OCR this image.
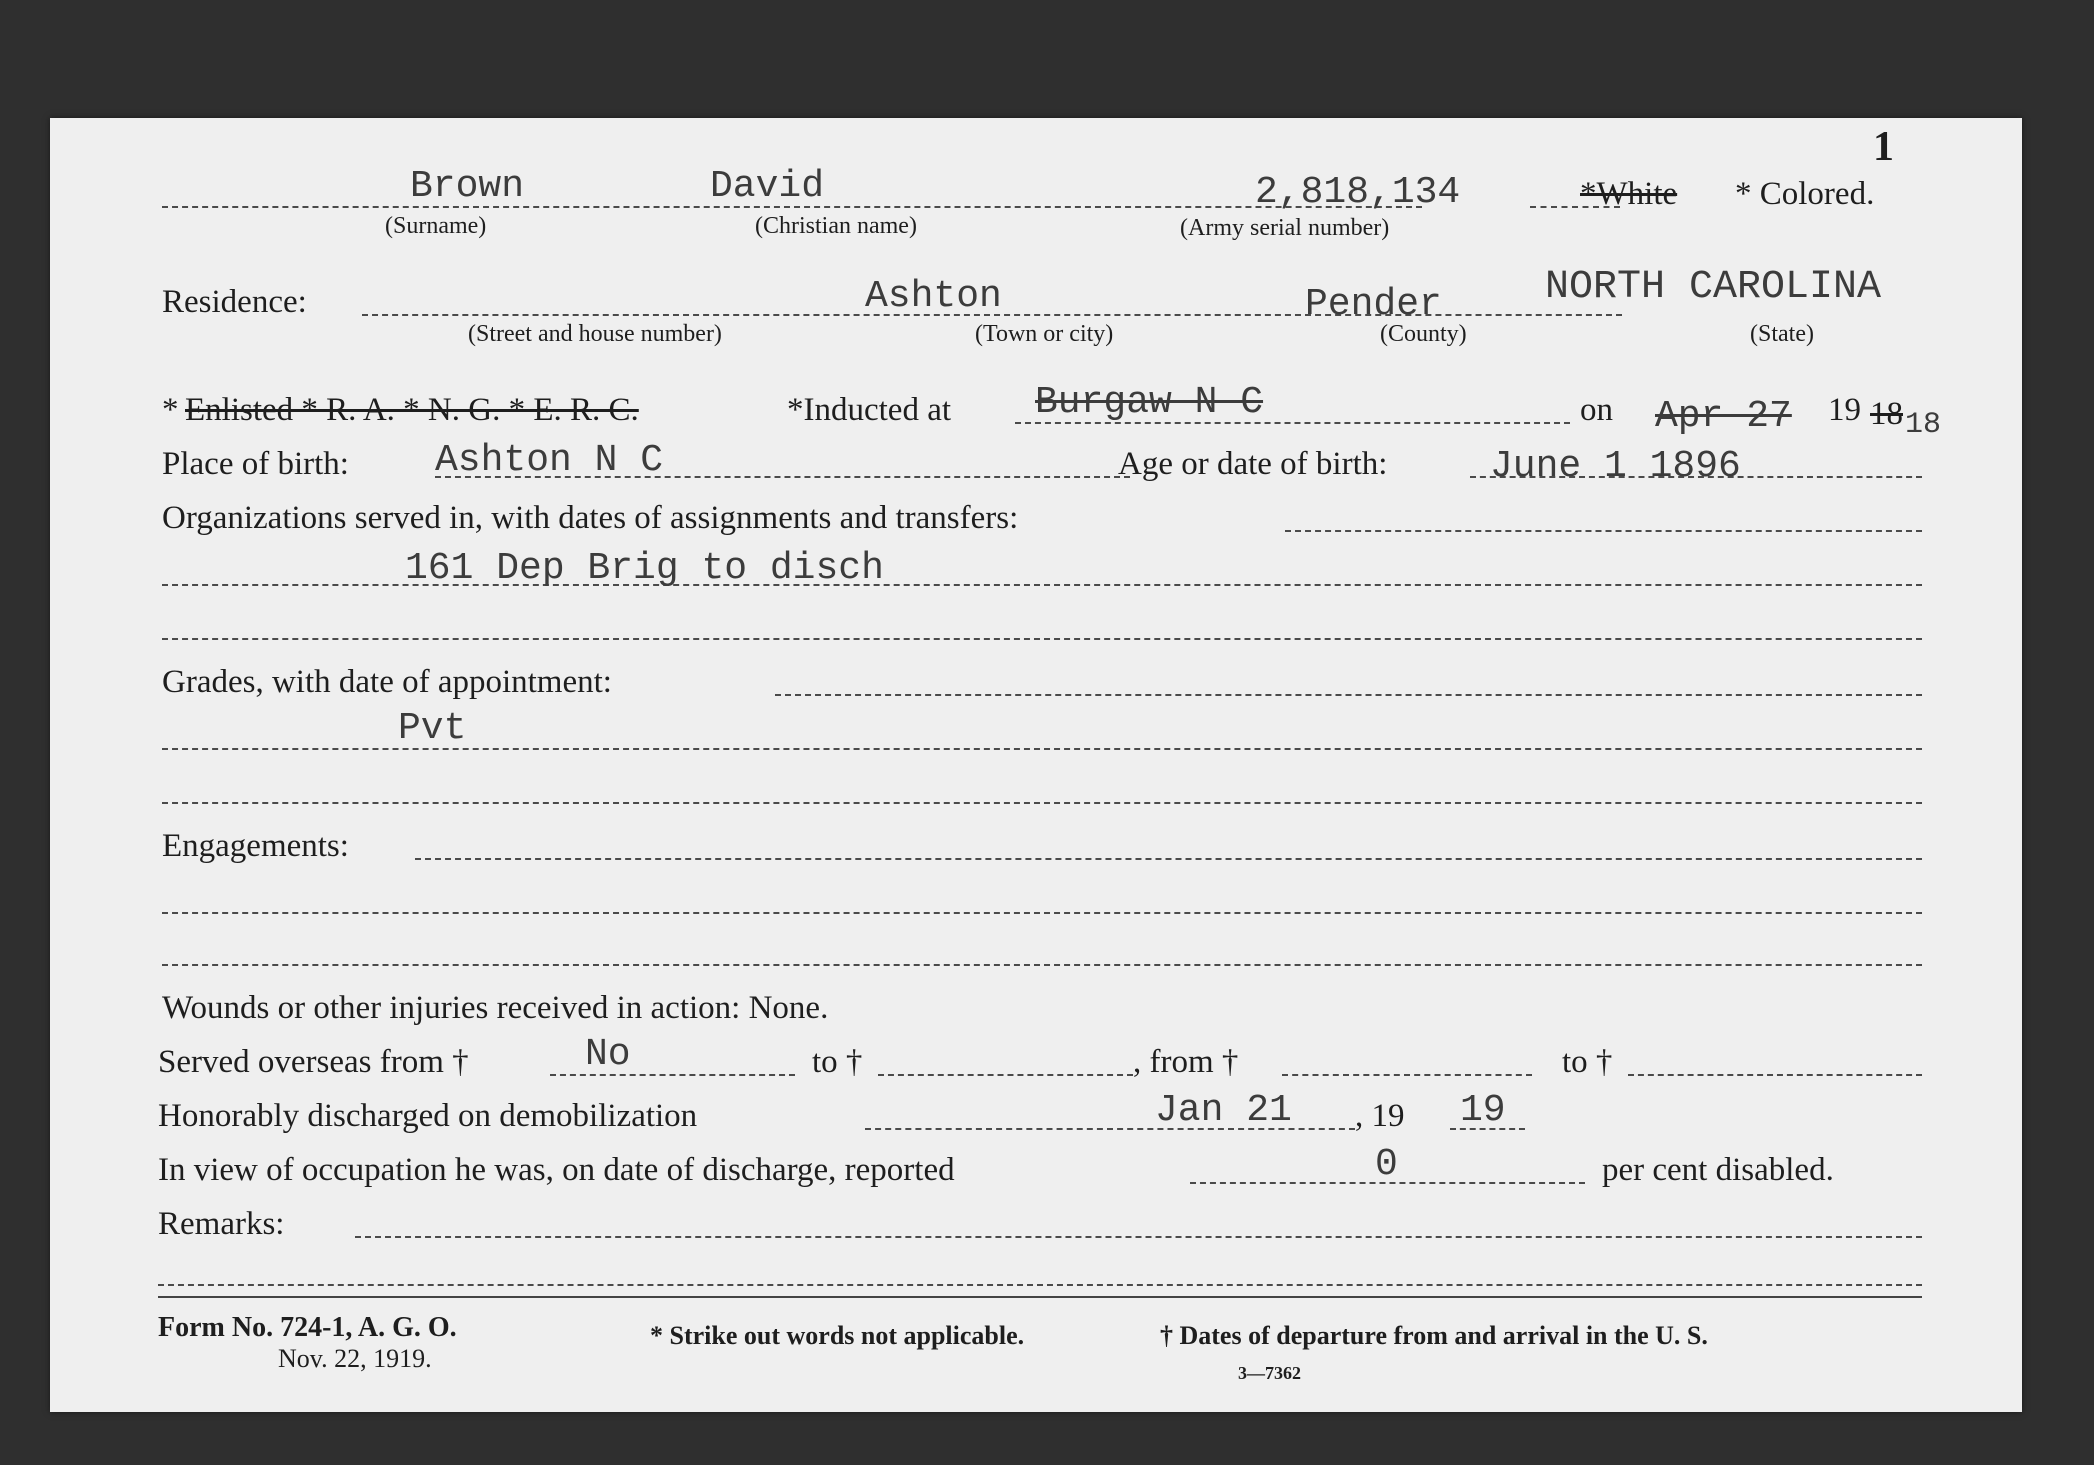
1
Brown	David	2,818,134	*White * Colored.
(Surname)	(Christian name)	(Army serial number)
Residence:	Ashton	Pender	NORTH CAROLINA
(Street and house number)	(Town or city)	(County)	(State)
* Enlisted * R. A. * N. G. * E. R. C.	*Inducted at Burgaw N C	on Apr 27 19 18 18
Place of birth: Ashton N C	Age or date of birth:	June 1 1896
Organizations served in, with dates of assignments and transfers:
161 Dep Brig to disch
Grades, with date of appointment:
Pvt
Engagements:
Wounds or other injuries received in action: None.
Served overseas from †	No	to †	, from †	to †
Honorably discharged on demobilization	Jan 21 , 19 19
In view of occupation he was, on date of discharge, reported	0	per cent disabled.
Remarks:
Form No. 724-1, A. G. O.
Nov. 22, 1919.
* Strike out words not applicable.	† Dates of departure from and arrival in the U. S.
3—7362
